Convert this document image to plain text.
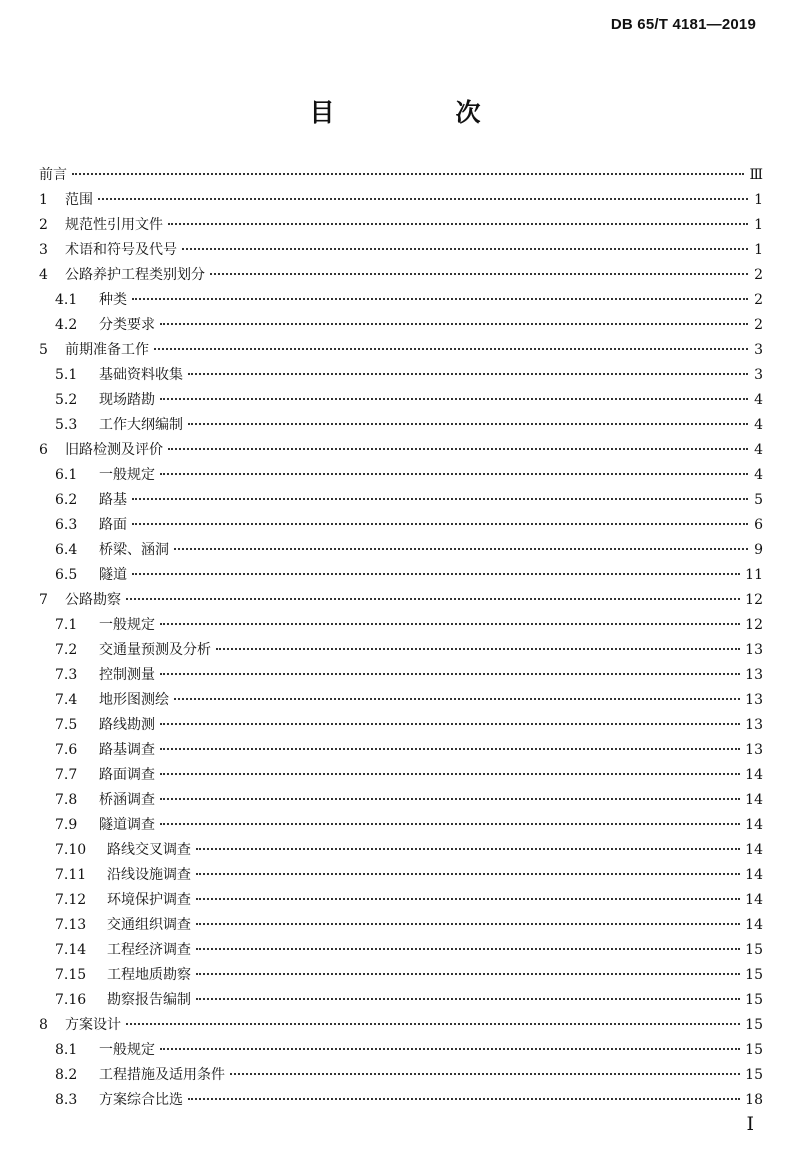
DB 65/T 4181—2019
目　次
前言	Ⅲ
1	范围	1
2	规范性引用文件	1
3	术语和符号及代号	1
4	公路养护工程类别划分	2
4.1	种类	2
4.2	分类要求	2
5	前期准备工作	3
5.1	基础资料收集	3
5.2	现场踏勘	4
5.3	工作大纲编制	4
6	旧路检测及评价	4
6.1	一般规定	4
6.2	路基	5
6.3	路面	6
6.4	桥梁、涵洞	9
6.5	隧道	11
7	公路勘察	12
7.1	一般规定	12
7.2	交通量预测及分析	13
7.3	控制测量	13
7.4	地形图测绘	13
7.5	路线勘测	13
7.6	路基调查	13
7.7	路面调查	14
7.8	桥涵调查	14
7.9	隧道调查	14
7.10	路线交叉调查	14
7.11	沿线设施调查	14
7.12	环境保护调查	14
7.13	交通组织调查	14
7.14	工程经济调查	15
7.15	工程地质勘察	15
7.16	勘察报告编制	15
8	方案设计	15
8.1	一般规定	15
8.2	工程措施及适用条件	15
8.3	方案综合比选	18
Ⅰ
